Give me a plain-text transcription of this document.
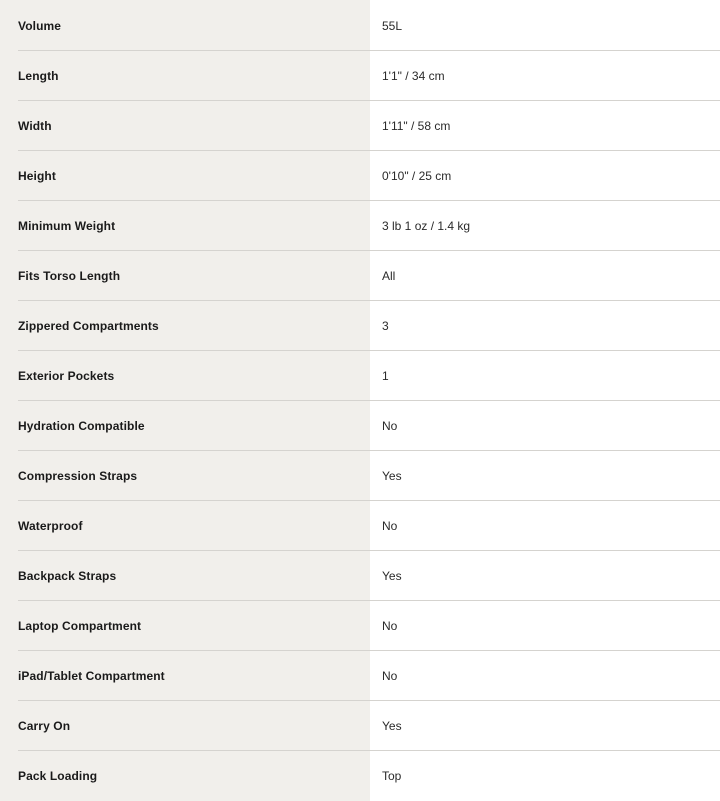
Volume	55L
Length	1'1" / 34 cm
Width	1'11" / 58 cm
Height	0'10" / 25 cm
Minimum Weight	3 lb 1 oz / 1.4 kg
Fits Torso Length	All
Zippered Compartments	3
Exterior Pockets	1
Hydration Compatible	No
Compression Straps	Yes
Waterproof	No
Backpack Straps	Yes
Laptop Compartment	No
iPad/Tablet Compartment	No
Carry On	Yes
Pack Loading	Top
